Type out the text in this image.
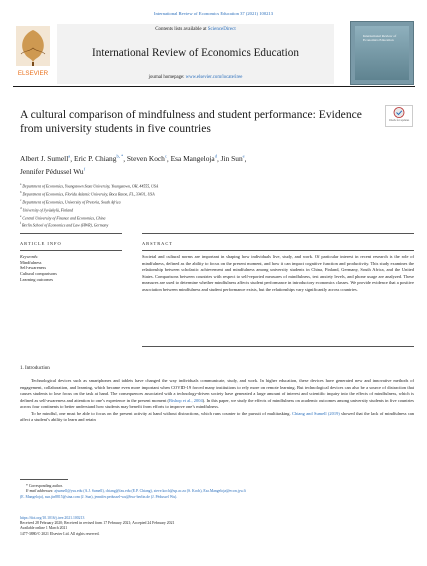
International Review of Economics Education 37 (2021) 100213
Contents lists available at ScienceDirect
International Review of Economics Education
journal homepage: www.elsevier.com/locate/iree
ELSEVIER
International Review of Economics Education
Check for updates
A cultural comparison of mindfulness and student performance: Evidence from university students in five countries
Albert J. Sumell$^a$, Eric P. Chiang$^{b, *}$, Steven Koch$^c$, Esa Mangeloja$^d$, Jin Sun$^e$,
Jennifer Pédussel Wu$^f$
$^a$Department of Economics, Youngstown State University, Youngstown, OH, 44555, USA
$^b$Department of Economics, Florida Atlantic University, Boca Raton, FL, 33431, USA
$^c$Department of Economics, University of Pretoria, South Africa
$^d$University of Jyväskylä, Finland
$^e$Central University of Finance and Economics, China
$^f$Berlin School of Economics and Law (HWR), Germany
ARTICLE INFO	ABSTRACT
Keywords:
Mindfulness
Self-awareness
Cultural comparisons
Learning outcomes
Societal and cultural norms are important in shaping how individuals live, study, and work. Of particular interest in recent research is the role of mindfulness, defined as the ability to focus on the present moment, and how it can impact cognitive function and productivity. This study examines the relationship between scholastic achievement and mindfulness among university students in China, Finland, Germany, South Africa, and the United States. Comparisons between countries with respect to self-reported measures of mindfulness, test anxiety levels, and phone usage are analyzed. These measures are used to determine whether mindfulness affects student performance in introductory economics classes. We provide evidence that a positive association between mindfulness and student performance exists, but the relationships vary significantly across countries.
1. Introduction

Technological devices such as smartphones and tablets have changed the way individuals communicate, study, and work. In higher education, these devices have generated new and innovative methods of engagement, collaboration, and learning, which became even more important when COVID-19 forced many institutions to rely more on remote learning. But technological devices can also be a source of distraction that causes students to lose focus on the task at hand. The consequences associated with a technology-driven society have generated a large amount of interest and scientific inquiry into the effects of mindfulness, which is defined as self-awareness and attention to one’s experience in the present moment (Bishop et al., 2004). In this paper, we study the effects of mindfulness on academic outcomes among university students in five countries across four continents to better understand how students may benefit from efforts to improve one’s mindfulness.

To be mindful, one must be able to focus on the present activity at hand without distractions, which runs counter to the pursuit of multitasking. Chiang and Sumell (2019) showed that the lack of mindfulness can affect a student’s ability to learn and retain

* Corresponding author.
E-mail addresses: ajsumell@ysu.edu (A.J. Sumell), chiang@fau.edu (E.P. Chiang), steve.koch@up.ac.za (S. Koch), Esa.Mangeloja@econ.jyu.fi
(E. Mangeloja), sun.jin8815@sina.com (J. Sun), jennifer.pedussel-wu@hwr-berlin.de (J. Pédussel Wu).
https://doi.org/10.1016/j.iree.2021.100213
Received 28 February 2020; Received in revised form 17 February 2021; Accepted 24 February 2021
Available online 1 March 2021
1477-3880/© 2021 Elsevier Ltd. All rights reserved.
